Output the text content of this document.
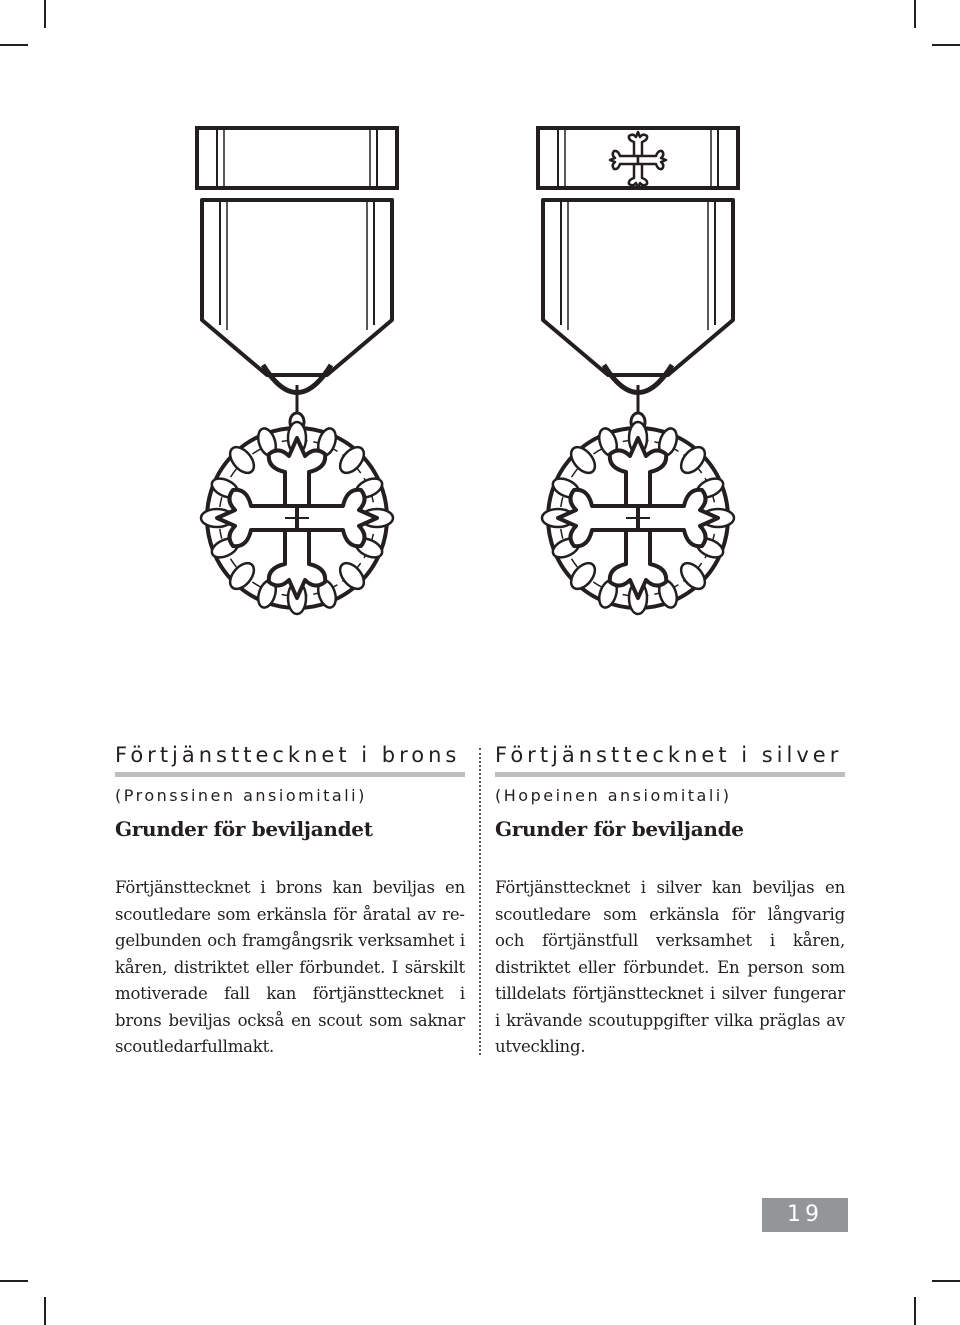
Förtjänsttecknet i brons
(Pronssinen ansiomitali)
Grunder för beviljandet

Förtjänsttecknet i brons kan beviljas en scoutledare som erkänsla för åratal av regelbunden och framgångsrik verksamhet i kåren, distriktet eller förbundet. I särskilt motiverade fall kan förtjänsttecknet i brons beviljas också en scout som saknar scoutledarfullmakt.

Förtjänsttecknet i silver
(Hopeinen ansiomitali)
Grunder för beviljande

Förtjänsttecknet i silver kan beviljas en scoutledare som erkänsla för långvarig och förtjänstfull verksamhet i kåren, distriktet eller förbundet. En person som tilldelats förtjänsttecknet i silver fungerar i krävande scoutuppgifter vilka präglas av utveckling.

19
